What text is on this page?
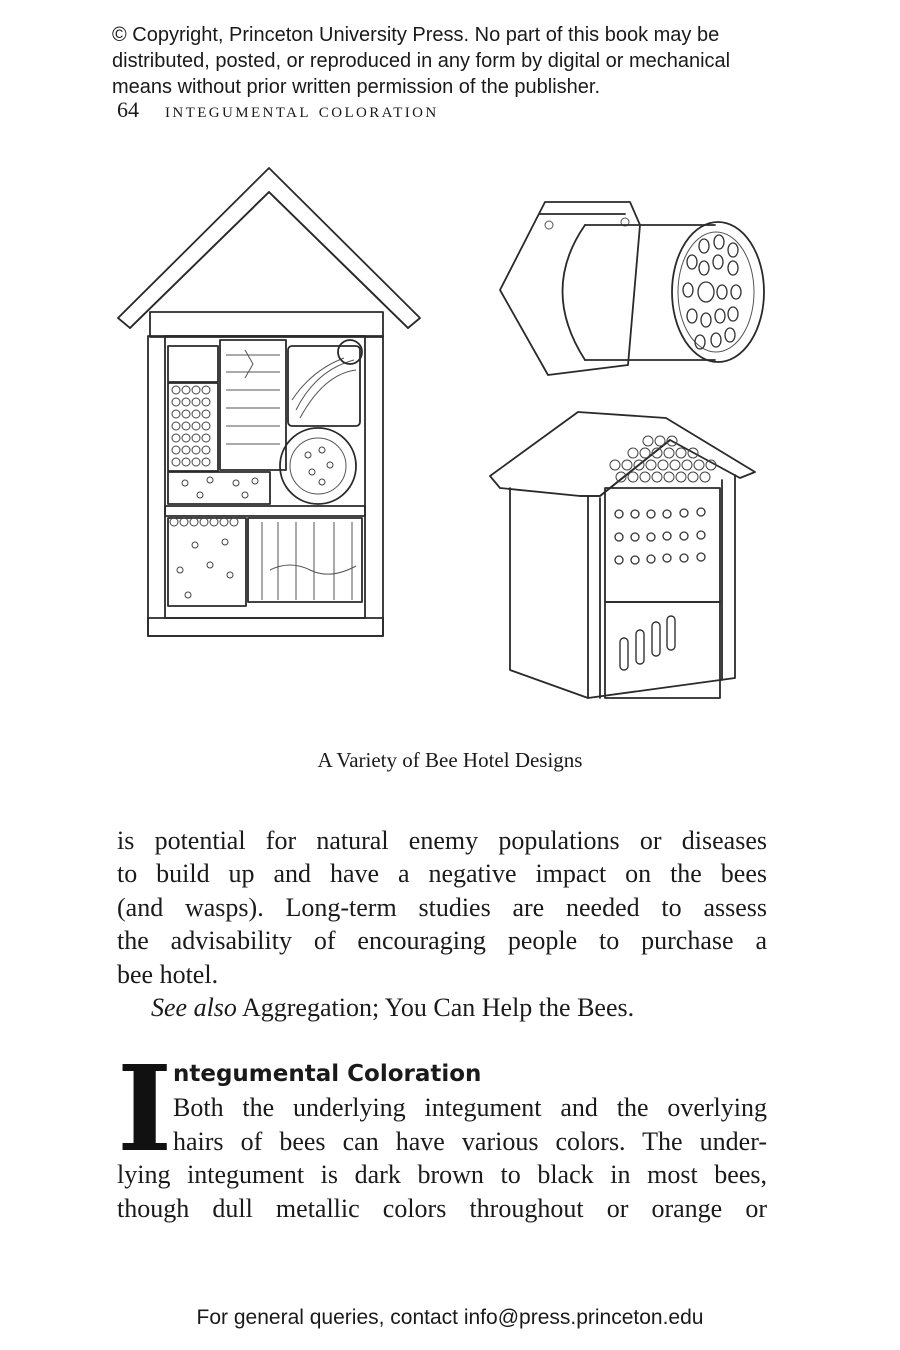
© Copyright, Princeton University Press. No part of this book may be
distributed, posted, or reproduced in any form by digital or mechanical
means without prior written permission of the publisher.
64 integumental coloration
A Variety of Bee Hotel Designs
is potential for natural enemy populations or diseases
to build up and have a negative impact on the bees
(and wasps). Long-term studies are needed to assess
the advisability of encouraging people to purchase a
bee hotel.
See also Aggregation; You Can Help the Bees.
I ntegumental Coloration
Both the underlying integument and the overlying
hairs of bees can have various colors. The under-
lying integument is dark brown to black in most bees,
though dull metallic colors throughout or orange or
For general queries, contact info@press.princeton.edu
